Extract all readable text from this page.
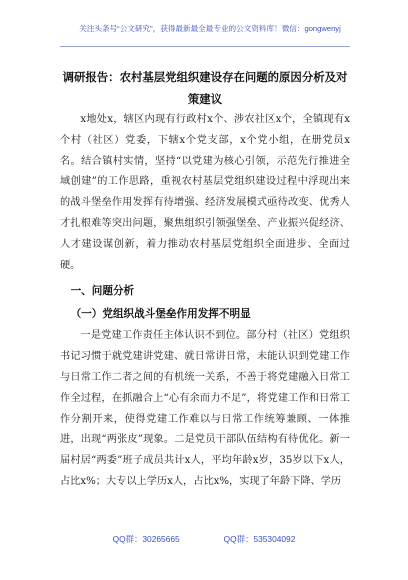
关注头条号“公文研究”，获得最新最全最专业的公文资料库！微信：gongwenyj
调研报告：农村基层党组织建设存在问题的原因分析及对策建议

x地处x，辖区内现有行政村x个、涉农社区x个，全镇现有x个村（社区）党委，下辖x个党支部，x个党小组，在册党员x名。结合镇村实情，坚持“以党建为核心引领，示范先行推进全域创建”的工作思路，重视农村基层党组织建设过程中浮现出来的战斗堡垒作用发挥有待增强、经济发展模式亟待改变、优秀人才扎根难等突出问题，聚焦组织引领强堡垒、产业振兴促经济、人才建设谋创新，着力推动农村基层党组织全面进步、全面过硬。

一、问题分析
（一）党组织战斗堡垒作用发挥不明显

一是党建工作责任主体认识不到位。部分村（社区）党组织书记习惯于就党建讲党建、就日常讲日常，未能认识到党建工作与日常工作二者之间的有机统一关系，不善于将党建融入日常工作全过程，在抓融合上“心有余而力不足”，将党建工作和日常工作分割开来，使得党建工作难以与日常工作统筹兼顾、一体推进，出现“两张皮”现象。二是党员干部队伍结构有待优化。新一届村居“两委”班子成员共计x人，平均年龄x岁，35岁以下x人，占比x%；大专以上学历x人，占比x%，实现了年龄下降、学历

QQ群：30265665	QQ群：535304092
